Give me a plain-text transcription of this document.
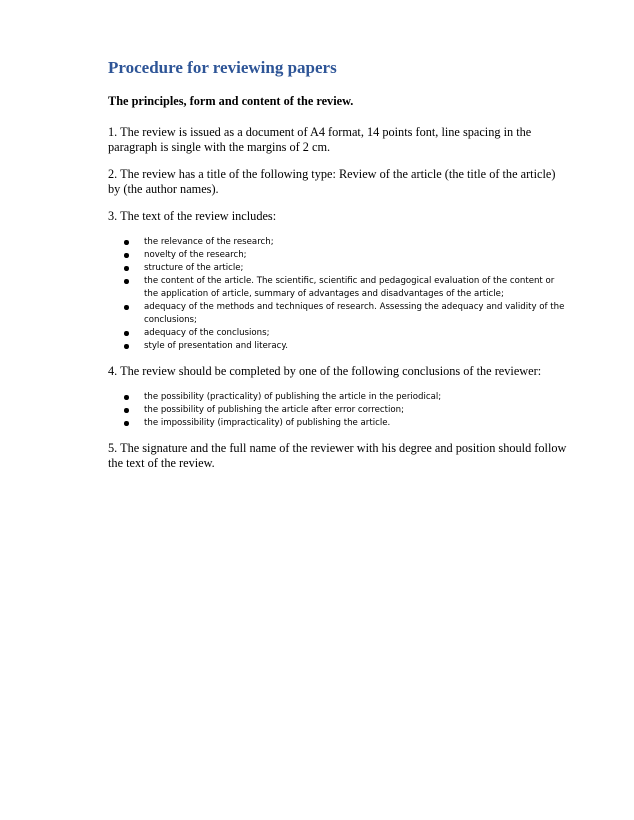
Procedure for reviewing papers
The principles, form and content of the review.

1. The review is issued as a document of A4 format, 14 points font, line spacing in the paragraph is single with the margins of 2 cm.

2. The review has a title of the following type: Review of the article (the title of the article) by (the author names).

3. The text of the review includes:

the relevance of the research;
novelty of the research;
structure of the article;
the content of the article. The scientific, scientific and pedagogical evaluation of the content or the application of article, summary of advantages and disadvantages of the article;
adequacy of the methods and techniques of research. Assessing the adequacy and validity of the conclusions;
adequacy of the conclusions;
style of presentation and literacy.

4. The review should be completed by one of the following conclusions of the reviewer:

the possibility (practicality) of publishing the article in the periodical;
the possibility of publishing the article after error correction;
the impossibility (impracticality) of publishing the article.

5. The signature and the full name of the reviewer with his degree and position should follow the text of the review.
